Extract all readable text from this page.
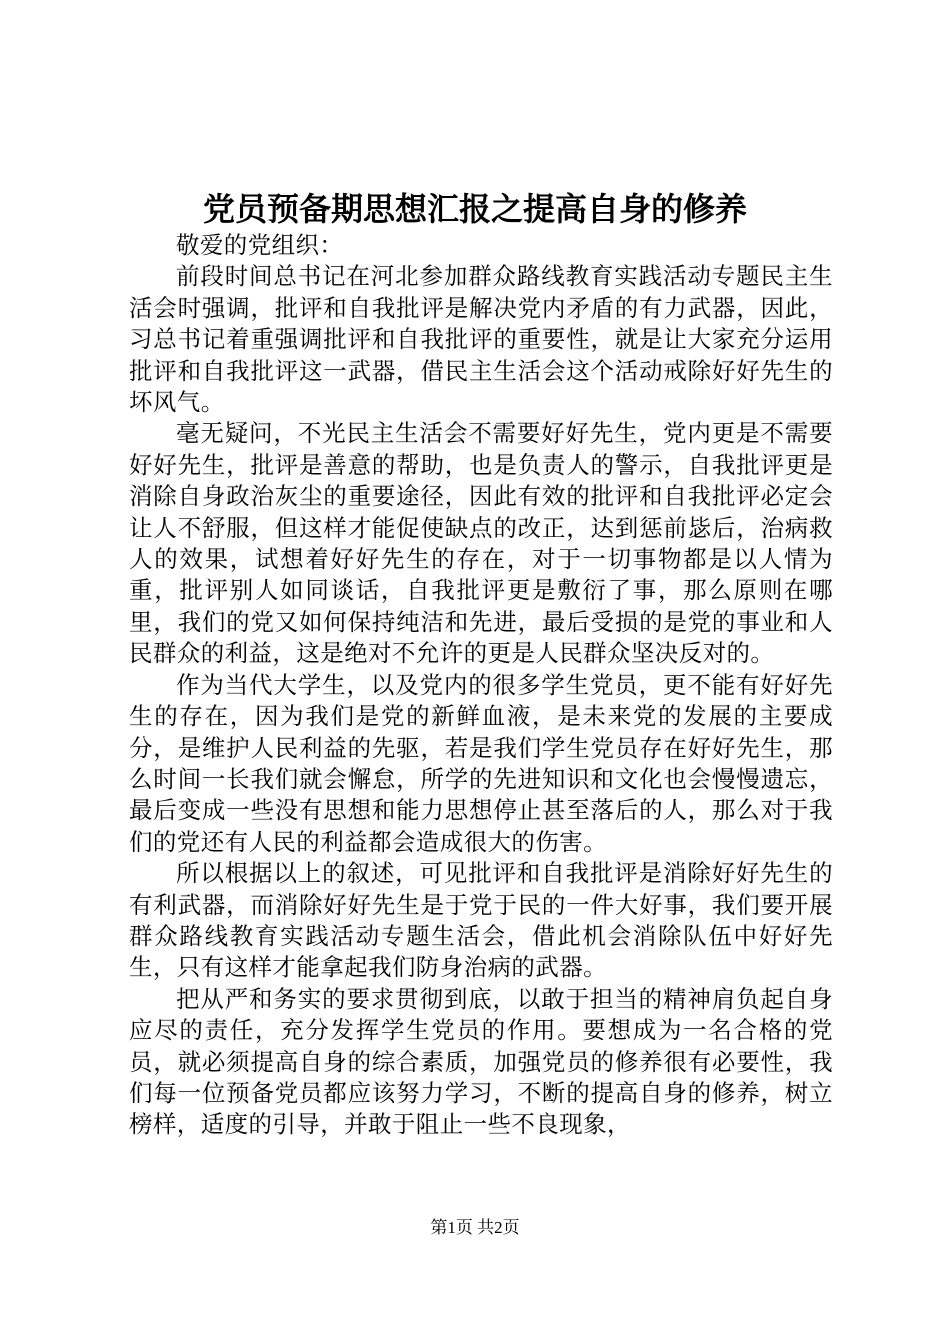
党员预备期思想汇报之提高自身的修养

敬爱的党组织：

前段时间总书记在河北参加群众路线教育实践活动专题民主生活会时强调，批评和自我批评是解决党内矛盾的有力武器，因此，习总书记着重强调批评和自我批评的重要性，就是让大家充分运用批评和自我批评这一武器，借民主生活会这个活动戒除好好先生的坏风气。

毫无疑问，不光民主生活会不需要好好先生，党内更是不需要好好先生，批评是善意的帮助，也是负责人的警示，自我批评更是消除自身政治灰尘的重要途径，因此有效的批评和自我批评必定会让人不舒服，但这样才能促使缺点的改正，达到惩前毖后，治病救人的效果，试想着好好先生的存在，对于一切事物都是以人情为重，批评别人如同谈话，自我批评更是敷衍了事，那么原则在哪里，我们的党又如何保持纯洁和先进，最后受损的是党的事业和人民群众的利益，这是绝对不允许的更是人民群众坚决反对的。

作为当代大学生，以及党内的很多学生党员，更不能有好好先生的存在，因为我们是党的新鲜血液，是未来党的发展的主要成分，是维护人民利益的先驱，若是我们学生党员存在好好先生，那么时间一长我们就会懈怠，所学的先进知识和文化也会慢慢遗忘，最后变成一些没有思想和能力思想停止甚至落后的人，那么对于我们的党还有人民的利益都会造成很大的伤害。

所以根据以上的叙述，可见批评和自我批评是消除好好先生的有利武器，而消除好好先生是于党于民的一件大好事，我们要开展群众路线教育实践活动专题生活会，借此机会消除队伍中好好先生，只有这样才能拿起我们防身治病的武器。

把从严和务实的要求贯彻到底，以敢于担当的精神肩负起自身应尽的责任，充分发挥学生党员的作用。要想成为一名合格的党员，就必须提高自身的综合素质，加强党员的修养很有必要性，我们每一位预备党员都应该努力学习，不断的提高自身的修养，树立榜样，适度的引导，并敢于阻止一些不良现象，

第1页 共2页
